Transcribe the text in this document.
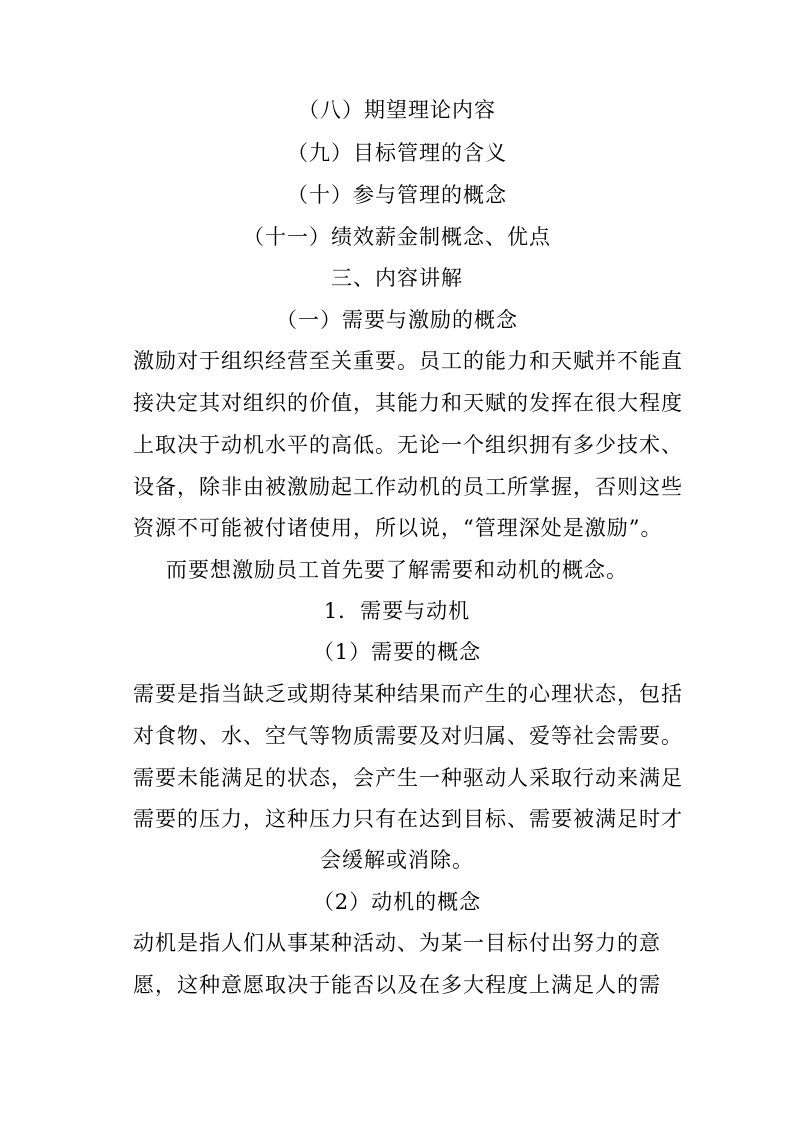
（八）期望理论内容
（九）目标管理的含义
（十）参与管理的概念
（十一）绩效薪金制概念、优点
三、内容讲解
（一）需要与激励的概念
激励对于组织经营至关重要。员工的能力和天赋并不能直
接决定其对组织的价值，其能力和天赋的发挥在很大程度
上取决于动机水平的高低。无论一个组织拥有多少技术、
设备，除非由被激励起工作动机的员工所掌握，否则这些
资源不可能被付诸使用，所以说，“管理深处是激励”。
而要想激励员工首先要了解需要和动机的概念。
1．需要与动机
（1）需要的概念
需要是指当缺乏或期待某种结果而产生的心理状态，包括
对食物、水、空气等物质需要及对归属、爱等社会需要。
需要未能满足的状态，会产生一种驱动人采取行动来满足
需要的压力，这种压力只有在达到目标、需要被满足时才
会缓解或消除。
（2）动机的概念
动机是指人们从事某种活动、为某一目标付出努力的意
愿，这种意愿取决于能否以及在多大程度上满足人的需
